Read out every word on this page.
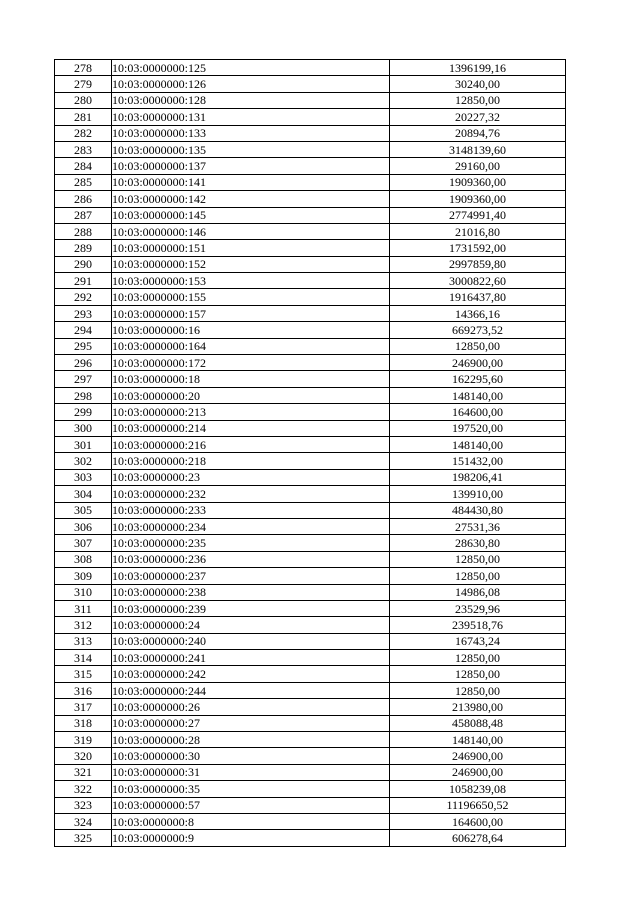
278	10:03:0000000:125	1396199,16
279	10:03:0000000:126	30240,00
280	10:03:0000000:128	12850,00
281	10:03:0000000:131	20227,32
282	10:03:0000000:133	20894,76
283	10:03:0000000:135	3148139,60
284	10:03:0000000:137	29160,00
285	10:03:0000000:141	1909360,00
286	10:03:0000000:142	1909360,00
287	10:03:0000000:145	2774991,40
288	10:03:0000000:146	21016,80
289	10:03:0000000:151	1731592,00
290	10:03:0000000:152	2997859,80
291	10:03:0000000:153	3000822,60
292	10:03:0000000:155	1916437,80
293	10:03:0000000:157	14366,16
294	10:03:0000000:16	669273,52
295	10:03:0000000:164	12850,00
296	10:03:0000000:172	246900,00
297	10:03:0000000:18	162295,60
298	10:03:0000000:20	148140,00
299	10:03:0000000:213	164600,00
300	10:03:0000000:214	197520,00
301	10:03:0000000:216	148140,00
302	10:03:0000000:218	151432,00
303	10:03:0000000:23	198206,41
304	10:03:0000000:232	139910,00
305	10:03:0000000:233	484430,80
306	10:03:0000000:234	27531,36
307	10:03:0000000:235	28630,80
308	10:03:0000000:236	12850,00
309	10:03:0000000:237	12850,00
310	10:03:0000000:238	14986,08
311	10:03:0000000:239	23529,96
312	10:03:0000000:24	239518,76
313	10:03:0000000:240	16743,24
314	10:03:0000000:241	12850,00
315	10:03:0000000:242	12850,00
316	10:03:0000000:244	12850,00
317	10:03:0000000:26	213980,00
318	10:03:0000000:27	458088,48
319	10:03:0000000:28	148140,00
320	10:03:0000000:30	246900,00
321	10:03:0000000:31	246900,00
322	10:03:0000000:35	1058239,08
323	10:03:0000000:57	11196650,52
324	10:03:0000000:8	164600,00
325	10:03:0000000:9	606278,64
